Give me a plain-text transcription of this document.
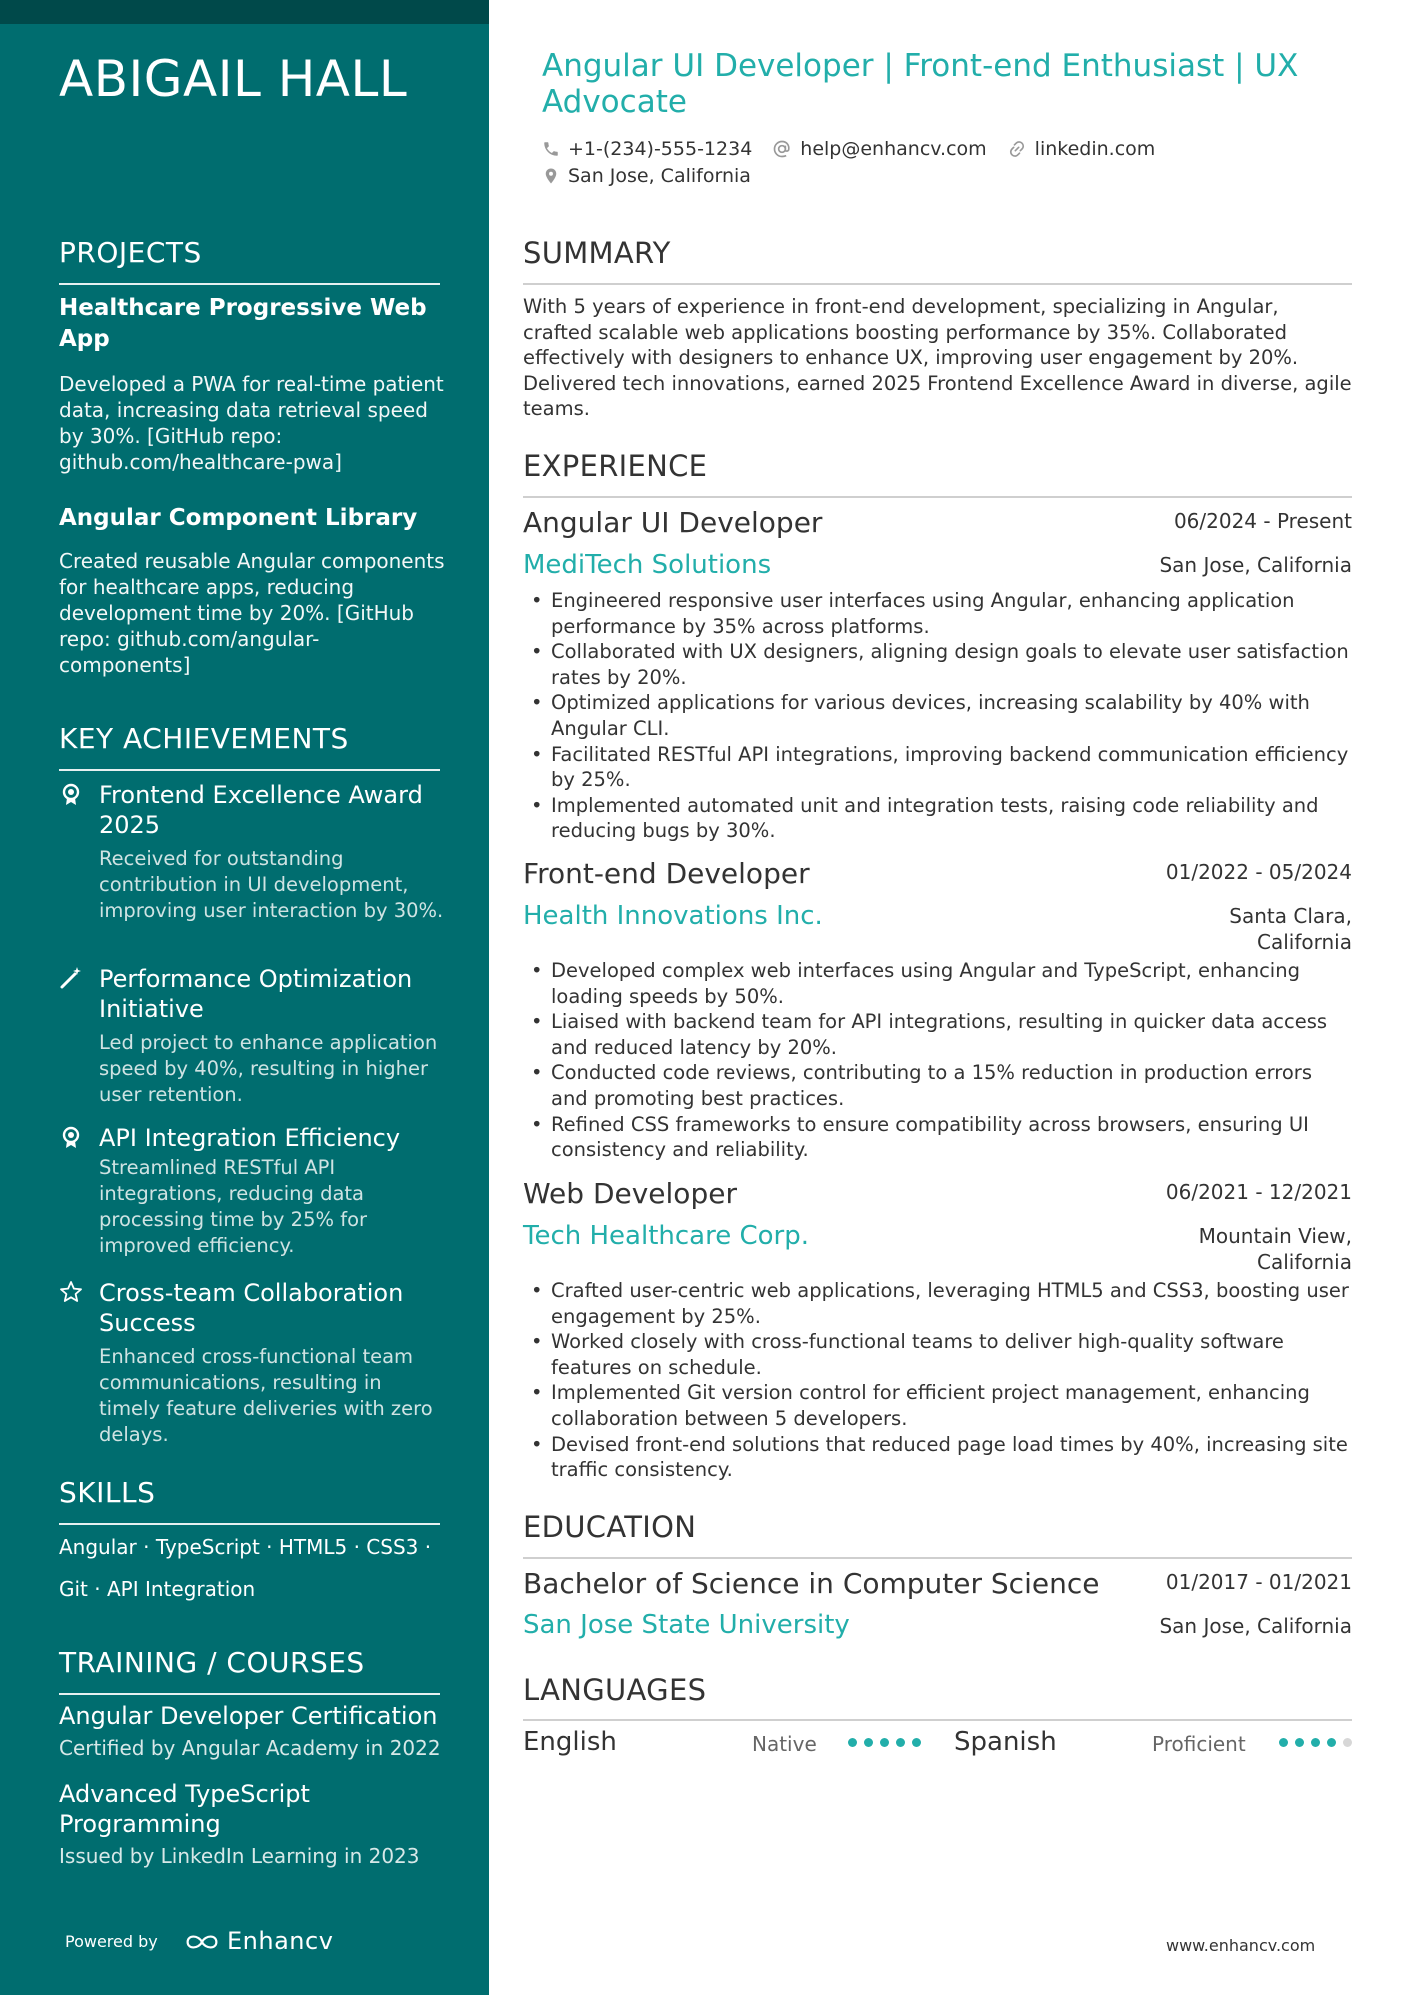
ABIGAIL HALL
PROJECTS
Healthcare Progressive Web App
Developed a PWA for real-time patient data, increasing data retrieval speed by 30%. [GitHub repo: github.com/healthcare-pwa]
Angular Component Library
Created reusable Angular components for healthcare apps, reducing development time by 20%. [GitHub repo: github.com/angular-components]
KEY ACHIEVEMENTS
Frontend Excellence Award 2025
Received for outstanding contribution in UI development, improving user interaction by 30%.
Performance Optimization Initiative
Led project to enhance application speed by 40%, resulting in higher user retention.
API Integration Efficiency
Streamlined RESTful API integrations, reducing data processing time by 25% for improved efficiency.
Cross-team Collaboration Success
Enhanced cross-functional team communications, resulting in timely feature deliveries with zero delays.
SKILLS
Angular · TypeScript · HTML5 · CSS3 ·
Git · API Integration
TRAINING / COURSES
Angular Developer Certification
Certified by Angular Academy in 2022
Advanced TypeScript Programming
Issued by LinkedIn Learning in 2023
Powered by	Enhancv
Angular UI Developer | Front-end Enthusiast | UX Advocate
+1-(234)-555-1234	help@enhancv.com	linkedin.com
San Jose, California
SUMMARY
With 5 years of experience in front-end development, specializing in Angular, crafted scalable web applications boosting performance by 35%. Collaborated effectively with designers to enhance UX, improving user engagement by 20%. Delivered tech innovations, earned 2025 Frontend Excellence Award in diverse, agile teams.
EXPERIENCE
Angular UI Developer	06/2024 - Present
MediTech Solutions	San Jose, California
• Engineered responsive user interfaces using Angular, enhancing application performance by 35% across platforms.
• Collaborated with UX designers, aligning design goals to elevate user satisfaction rates by 20%.
• Optimized applications for various devices, increasing scalability by 40% with Angular CLI.
• Facilitated RESTful API integrations, improving backend communication efficiency by 25%.
• Implemented automated unit and integration tests, raising code reliability and reducing bugs by 30%.
Front-end Developer	01/2022 - 05/2024
Health Innovations Inc.	Santa Clara,
California
• Developed complex web interfaces using Angular and TypeScript, enhancing loading speeds by 50%.
• Liaised with backend team for API integrations, resulting in quicker data access and reduced latency by 20%.
• Conducted code reviews, contributing to a 15% reduction in production errors and promoting best practices.
• Refined CSS frameworks to ensure compatibility across browsers, ensuring UI consistency and reliability.
Web Developer	06/2021 - 12/2021
Tech Healthcare Corp.	Mountain View,
California
• Crafted user-centric web applications, leveraging HTML5 and CSS3, boosting user engagement by 25%.
• Worked closely with cross-functional teams to deliver high-quality software features on schedule.
• Implemented Git version control for efficient project management, enhancing collaboration between 5 developers.
• Devised front-end solutions that reduced page load times by 40%, increasing site traffic consistency.
EDUCATION
Bachelor of Science in Computer Science	01/2017 - 01/2021
San Jose State University	San Jose, California
LANGUAGES
English	Native	Spanish	Proficient
www.enhancv.com
